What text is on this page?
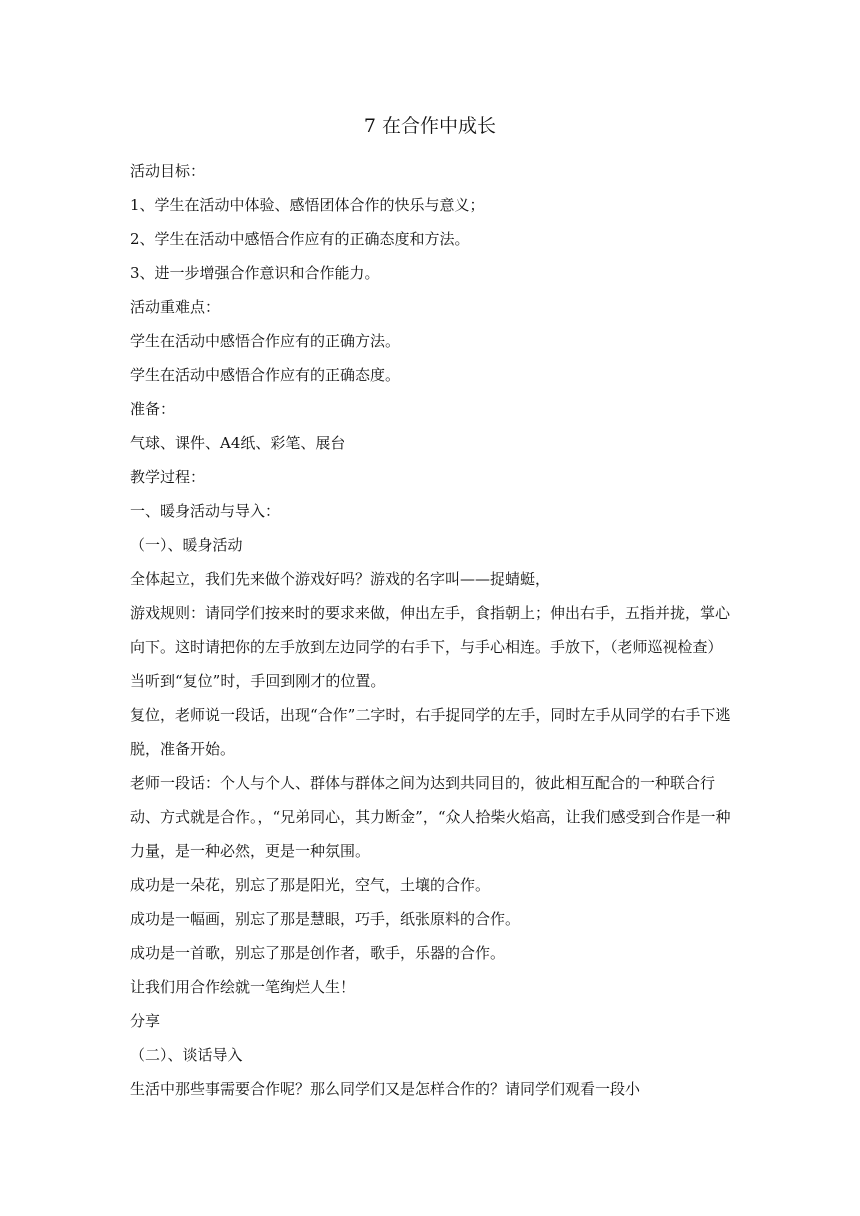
7 在合作中成长

活动目标：

1、学生在活动中体验、感悟团体合作的快乐与意义；

2、学生在活动中感悟合作应有的正确态度和方法。

3、进一步增强合作意识和合作能力。

活动重难点：

学生在活动中感悟合作应有的正确方法。

学生在活动中感悟合作应有的正确态度。

准备：

气球、课件、A4纸、彩笔、展台

教学过程：

一、暖身活动与导入：

（一）、暖身活动

全体起立，我们先来做个游戏好吗？游戏的名字叫——捉蜻蜓，

游戏规则：请同学们按来时的要求来做，伸出左手，食指朝上；伸出右手，五指并拢，掌心向下。这时请把你的左手放到左边同学的右手下，与手心相连。手放下，（老师巡视检查）当听到“复位”时，手回到刚才的位置。

复位，老师说一段话，出现“合作”二字时，右手捉同学的左手，同时左手从同学的右手下逃脱，准备开始。

老师一段话：个人与个人、群体与群体之间为达到共同目的，彼此相互配合的一种联合行动、方式就是合作。，“兄弟同心，其力断金”，“众人拾柴火焰高，让我们感受到合作是一种力量，是一种必然，更是一种氛围。

成功是一朵花，别忘了那是阳光，空气，土壤的合作。

成功是一幅画，别忘了那是慧眼，巧手，纸张原料的合作。

成功是一首歌，别忘了那是创作者，歌手，乐器的合作。

让我们用合作绘就一笔绚烂人生！

分享

（二）、谈话导入

生活中那些事需要合作呢？那么同学们又是怎样合作的？请同学们观看一段小
